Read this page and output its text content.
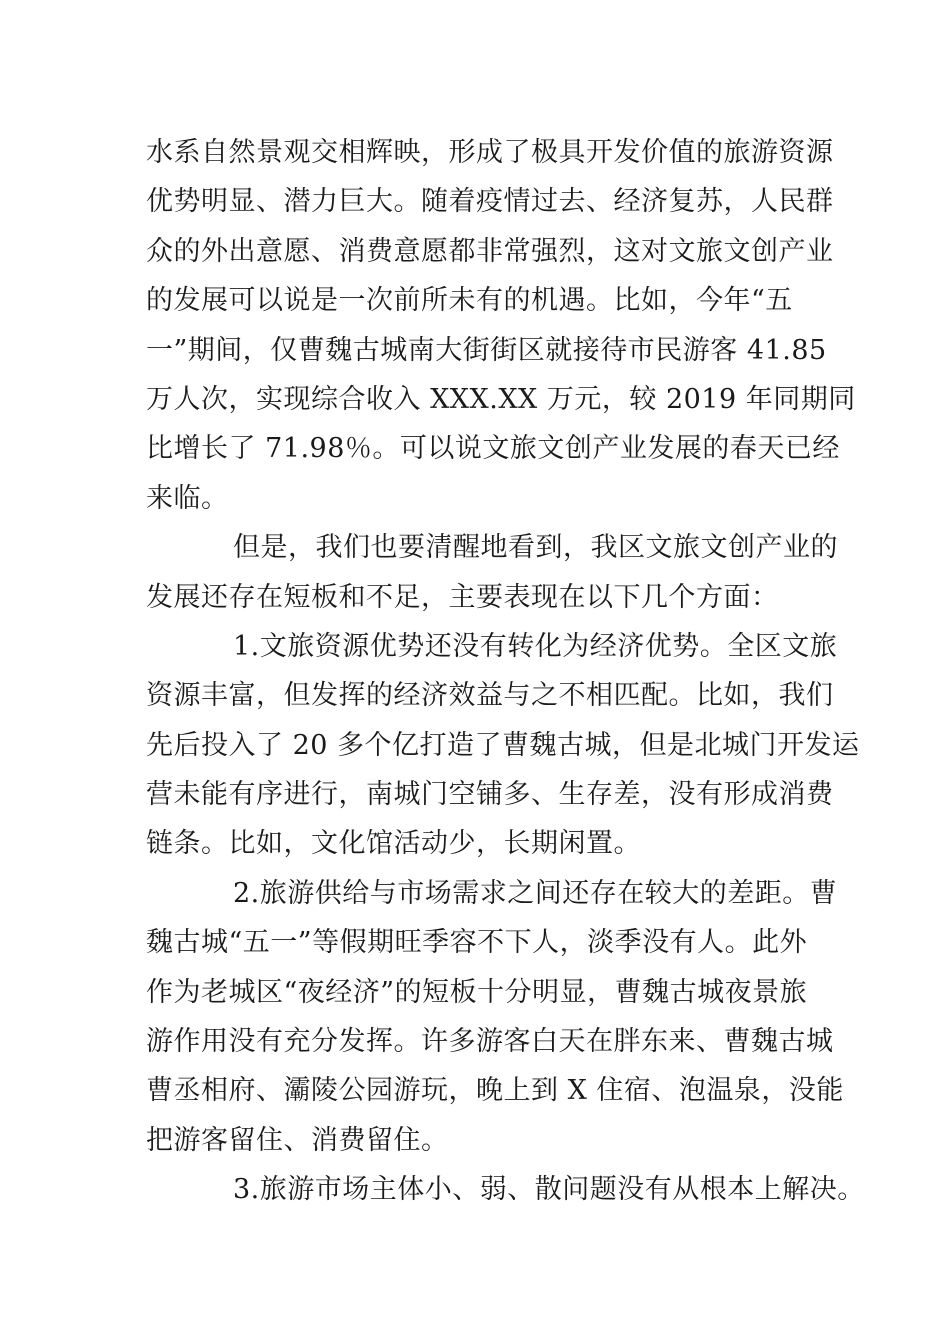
水系自然景观交相辉映，形成了极具开发价值的旅游资源
优势明显、潜力巨大。随着疫情过去、经济复苏，人民群
众的外出意愿、消费意愿都非常强烈，这对文旅文创产业
的发展可以说是一次前所未有的机遇。比如，今年“五
一”期间，仅曹魏古城南大街街区就接待市民游客 41.85
万人次，实现综合收入 XXX.XX 万元，较 2019 年同期同
比增长了 71.98％。可以说文旅文创产业发展的春天已经
来临。
但是，我们也要清醒地看到，我区文旅文创产业的
发展还存在短板和不足，主要表现在以下几个方面：
1.文旅资源优势还没有转化为经济优势。全区文旅
资源丰富，但发挥的经济效益与之不相匹配。比如，我们
先后投入了 20 多个亿打造了曹魏古城，但是北城门开发运
营未能有序进行，南城门空铺多、生存差，没有形成消费
链条。比如，文化馆活动少，长期闲置。
2.旅游供给与市场需求之间还存在较大的差距。曹
魏古城“五一”等假期旺季容不下人，淡季没有人。此外
作为老城区“夜经济”的短板十分明显，曹魏古城夜景旅
游作用没有充分发挥。许多游客白天在胖东来、曹魏古城
曹丞相府、灞陵公园游玩，晚上到 X 住宿、泡温泉，没能
把游客留住、消费留住。
3.旅游市场主体小、弱、散问题没有从根本上解决。
